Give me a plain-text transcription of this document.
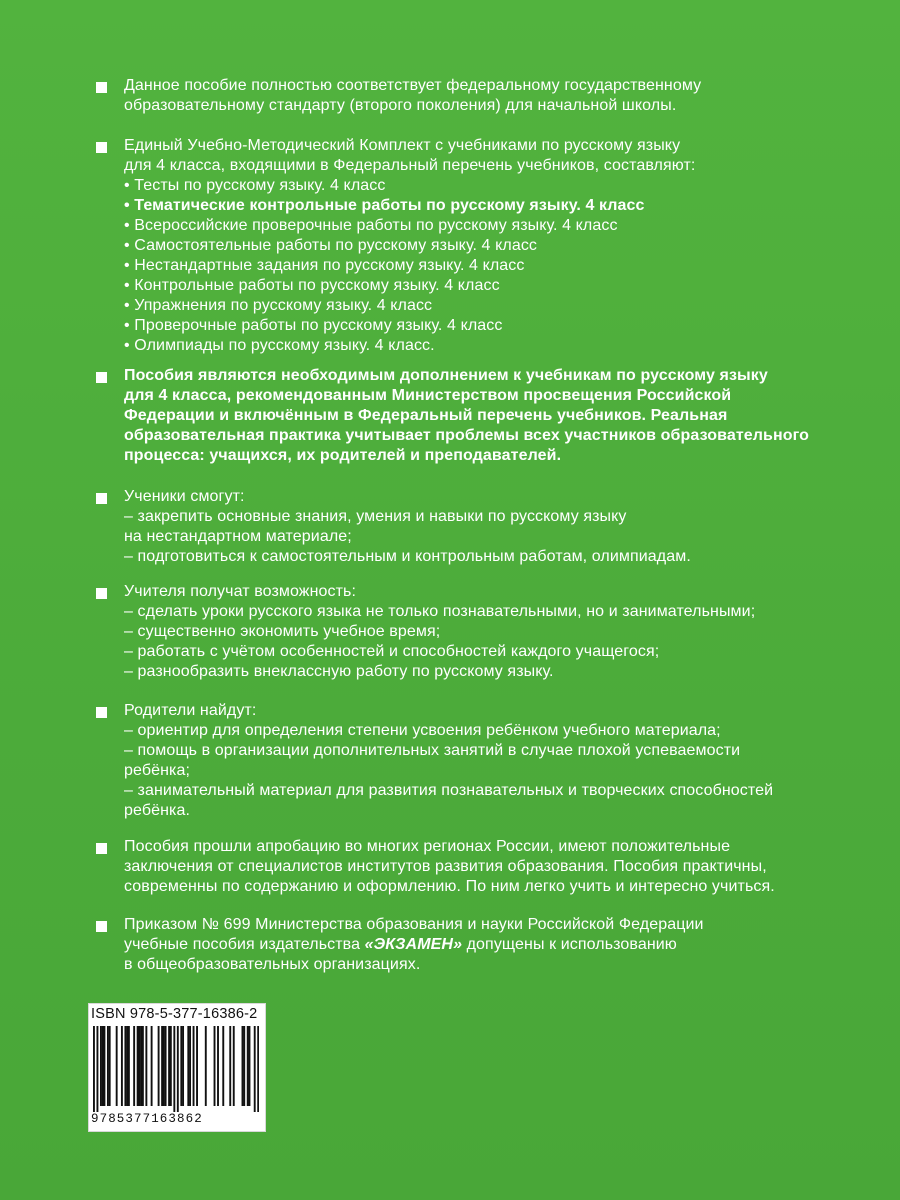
Данное пособие полностью соответствует федеральному государственному
образовательному стандарту (второго поколения) для начальной школы.
Единый Учебно-Методический Комплект с учебниками по русскому языку
для 4 класса, входящими в Федеральный перечень учебников, составляют:
• Тесты по русскому языку. 4 класс
• Тематические контрольные работы по русскому языку. 4 класс
• Всероссийские проверочные работы по русскому языку. 4 класс
• Самостоятельные работы по русскому языку. 4 класс
• Нестандартные задания по русскому языку. 4 класс
• Контрольные работы по русскому языку. 4 класс
• Упражнения по русскому языку. 4 класс
• Проверочные работы по русскому языку. 4 класс
• Олимпиады по русскому языку. 4 класс.
Пособия являются необходимым дополнением к учебникам по русскому языку
для 4 класса, рекомендованным Министерством просвещения Российской
Федерации и включённым в Федеральный перечень учебников. Реальная
образовательная практика учитывает проблемы всех участников образовательного
процесса: учащихся, их родителей и преподавателей.
Ученики смогут:
– закрепить основные знания, умения и навыки по русскому языку
на нестандартном материале;
– подготовиться к самостоятельным и контрольным работам, олимпиадам.
Учителя получат возможность:
– сделать уроки русского языка не только познавательными, но и занимательными;
– существенно экономить учебное время;
– работать с учётом особенностей и способностей каждого учащегося;
– разнообразить внеклассную работу по русскому языку.
Родители найдут:
– ориентир для определения степени усвоения ребёнком учебного материала;
– помощь в организации дополнительных занятий в случае плохой успеваемости
ребёнка;
– занимательный материал для развития познавательных и творческих способностей
ребёнка.
Пособия прошли апробацию во многих регионах России, имеют положительные
заключения от специалистов институтов развития образования. Пособия практичны,
современны по содержанию и оформлению. По ним легко учить и интересно учиться.
Приказом № 699 Министерства образования и науки Российской Федерации
учебные пособия издательства «ЭКЗАМЕН» допущены к использованию
в общеобразовательных организациях.
ISBN 978-5-377-16386-2
9785377163862
